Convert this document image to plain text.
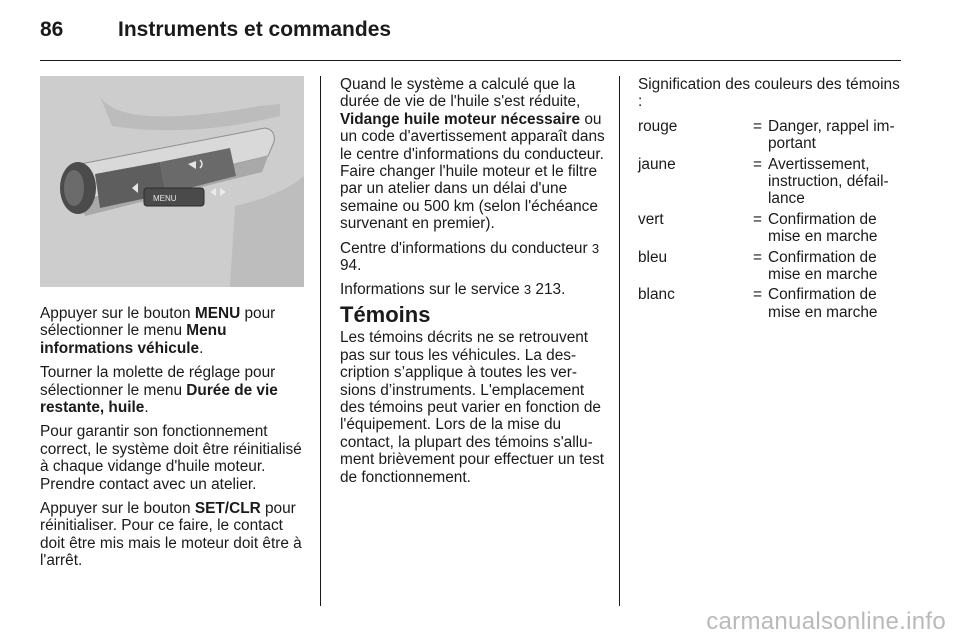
86	Instruments et commandes
MENU

Appuyer sur le bouton MENU pour sélectionner le menu Menu informations véhicule.

Tourner la molette de réglage pour sélectionner le menu Durée de vie restante, huile.

Pour garantir son fonctionnement correct, le système doit être réinitialisé à chaque vidange d'huile moteur. Prendre contact avec un atelier.

Appuyer sur le bouton SET/CLR pour réinitialiser. Pour ce faire, le contact doit être mis mais le moteur doit être à l'arrêt.

Quand le système a calculé que la durée de vie de l'huile s'est réduite, Vidange huile moteur nécessaire ou un code d'avertissement apparaît dans le centre d'informations du conducteur. Faire changer l'huile moteur et le filtre par un atelier dans un délai d'une semaine ou 500 km (selon l'échéance survenant en premier).

Centre d'informations du conducteur 3 94.

Informations sur le service 3 213.

Témoins

Les témoins décrits ne se retrouvent pas sur tous les véhicules. La description s’applique à toutes les versions d’instruments. L'emplacement des témoins peut varier en fonction de l'équipement. Lors de la mise du contact, la plupart des témoins s'allument brièvement pour effectuer un test de fonctionnement.

Signification des couleurs des témoins :

rouge	= Danger, rappel important
jaune	= Avertissement, instruction, défaillance
vert	= Confirmation de mise en marche
bleu	= Confirmation de mise en marche
blanc	= Confirmation de mise en marche
carmanualsonline.info
